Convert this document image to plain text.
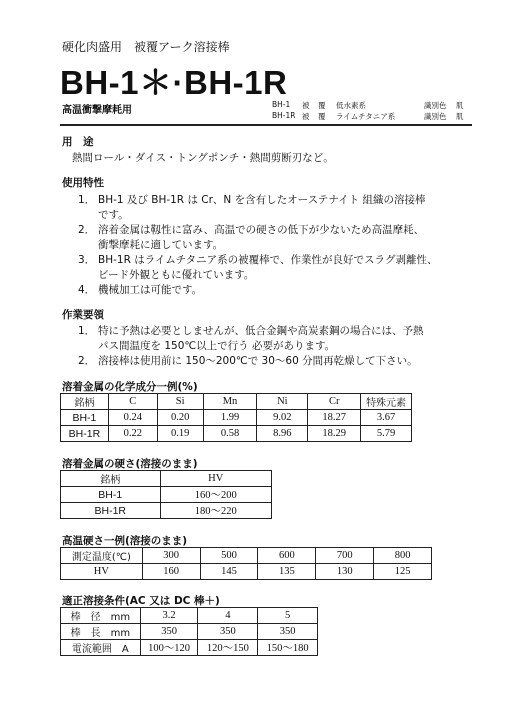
硬化肉盛用　被覆アーク溶接棒
BH-1＊·BH-1R
高温衝撃摩耗用
BH-1 被 覆 低水素系	識別色 肌
BH-1R 被 覆 ライムチタニア系	識別色 肌
用　途
熱間ロール・ダイス・トングポンチ・熱間剪断刃など。
使用特性
1． BH-1 及び BH-1R は Cr、N を含有したオーステナイト 組織の溶接棒
です。
2． 溶着金属は靱性に富み、高温での硬さの低下が少ないため高温摩耗、
衝撃摩耗に適しています。
3． BH-1R はライムチタニア系の被覆棒で、作業性が良好でスラグ剥離性、
ビード外観ともに優れています。
4． 機械加工は可能です。
作業要領
1． 特に予熱は必要としませんが、低合金鋼や高炭素鋼の場合には、予熱
パス間温度を 150℃以上で行う 必要があります。
2． 溶接棒は使用前に 150～200℃で 30～60 分間再乾燥して下さい。
溶着金属の化学成分一例(%)
銘柄	C	Si	Mn	Ni	Cr	特殊元素
BH-1	0.24	0.20	1.99	9.02	18.27	3.67
BH-1R	0.22	0.19	0.58	8.96	18.29	5.79
溶着金属の硬さ(溶接のまま)
銘柄	HV
BH-1	160～200
BH-1R	180～220
高温硬さ一例(溶接のまま)
測定温度(℃)	300	500	600	700	800
HV	160	145	135	130	125
適正溶接条件(AC 又は DC 棒＋)
棒　径　mm	3.2	4	5
棒　長　mm	350	350	350
電流範囲　A	100～120	120～150	150～180
